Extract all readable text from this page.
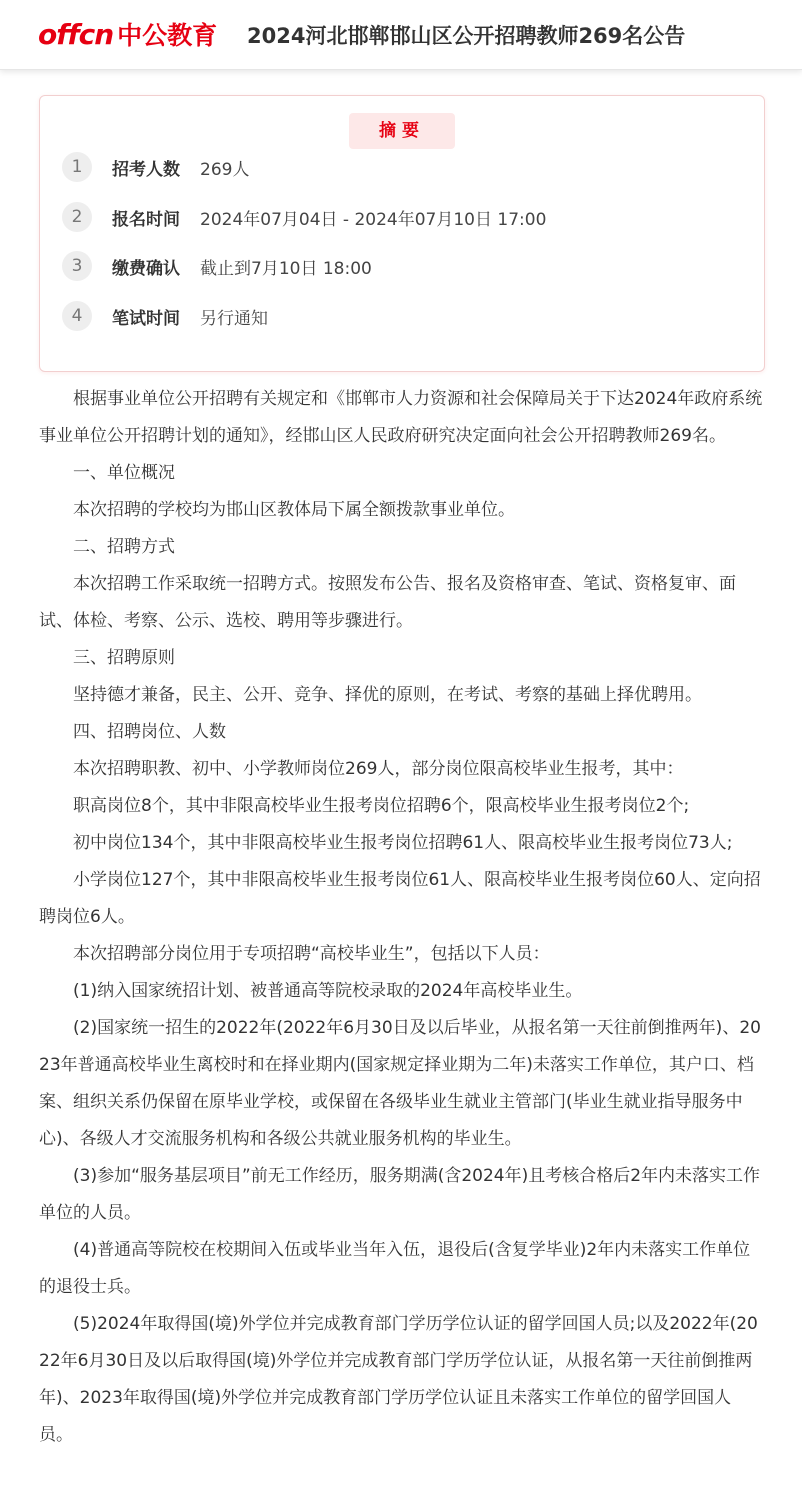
offcn 中公教育 2024河北邯郸邯山区公开招聘教师269名公告
摘要
1	招考人数	269人
2	报名时间	2024年07月04日 - 2024年07月10日 17:00
3	缴费确认	截止到7月10日 18:00
4	笔试时间	另行通知

根据事业单位公开招聘有关规定和《邯郸市人力资源和社会保障局关于下达2024年政府系统事业单位公开招聘计划的通知》，经邯山区人民政府研究决定面向社会公开招聘教师269名。

一、单位概况

本次招聘的学校均为邯山区教体局下属全额拨款事业单位。

二、招聘方式

本次招聘工作采取统一招聘方式。按照发布公告、报名及资格审查、笔试、资格复审、面试、体检、考察、公示、选校、聘用等步骤进行。

三、招聘原则

坚持德才兼备，民主、公开、竞争、择优的原则，在考试、考察的基础上择优聘用。

四、招聘岗位、人数

本次招聘职教、初中、小学教师岗位269人，部分岗位限高校毕业生报考，其中：

职高岗位8个，其中非限高校毕业生报考岗位招聘6个，限高校毕业生报考岗位2个;

初中岗位134个，其中非限高校毕业生报考岗位招聘61人、限高校毕业生报考岗位73人;

小学岗位127个，其中非限高校毕业生报考岗位61人、限高校毕业生报考岗位60人、定向招聘岗位6人。

本次招聘部分岗位用于专项招聘“高校毕业生”，包括以下人员：

(1)纳入国家统招计划、被普通高等院校录取的2024年高校毕业生。

(2)国家统一招生的2022年(2022年6月30日及以后毕业，从报名第一天往前倒推两年)、2023年普通高校毕业生离校时和在择业期内(国家规定择业期为二年)未落实工作单位，其户口、档案、组织关系仍保留在原毕业学校，或保留在各级毕业生就业主管部门(毕业生就业指导服务中心)、各级人才交流服务机构和各级公共就业服务机构的毕业生。

(3)参加“服务基层项目”前无工作经历，服务期满(含2024年)且考核合格后2年内未落实工作单位的人员。

(4)普通高等院校在校期间入伍或毕业当年入伍，退役后(含复学毕业)2年内未落实工作单位的退役士兵。

(5)2024年取得国(境)外学位并完成教育部门学历学位认证的留学回国人员;以及2022年(2022年6月30日及以后取得国(境)外学位并完成教育部门学历学位认证，从报名第一天往前倒推两年)、2023年取得国(境)外学位并完成教育部门学历学位认证且未落实工作单位的留学回国人员。
